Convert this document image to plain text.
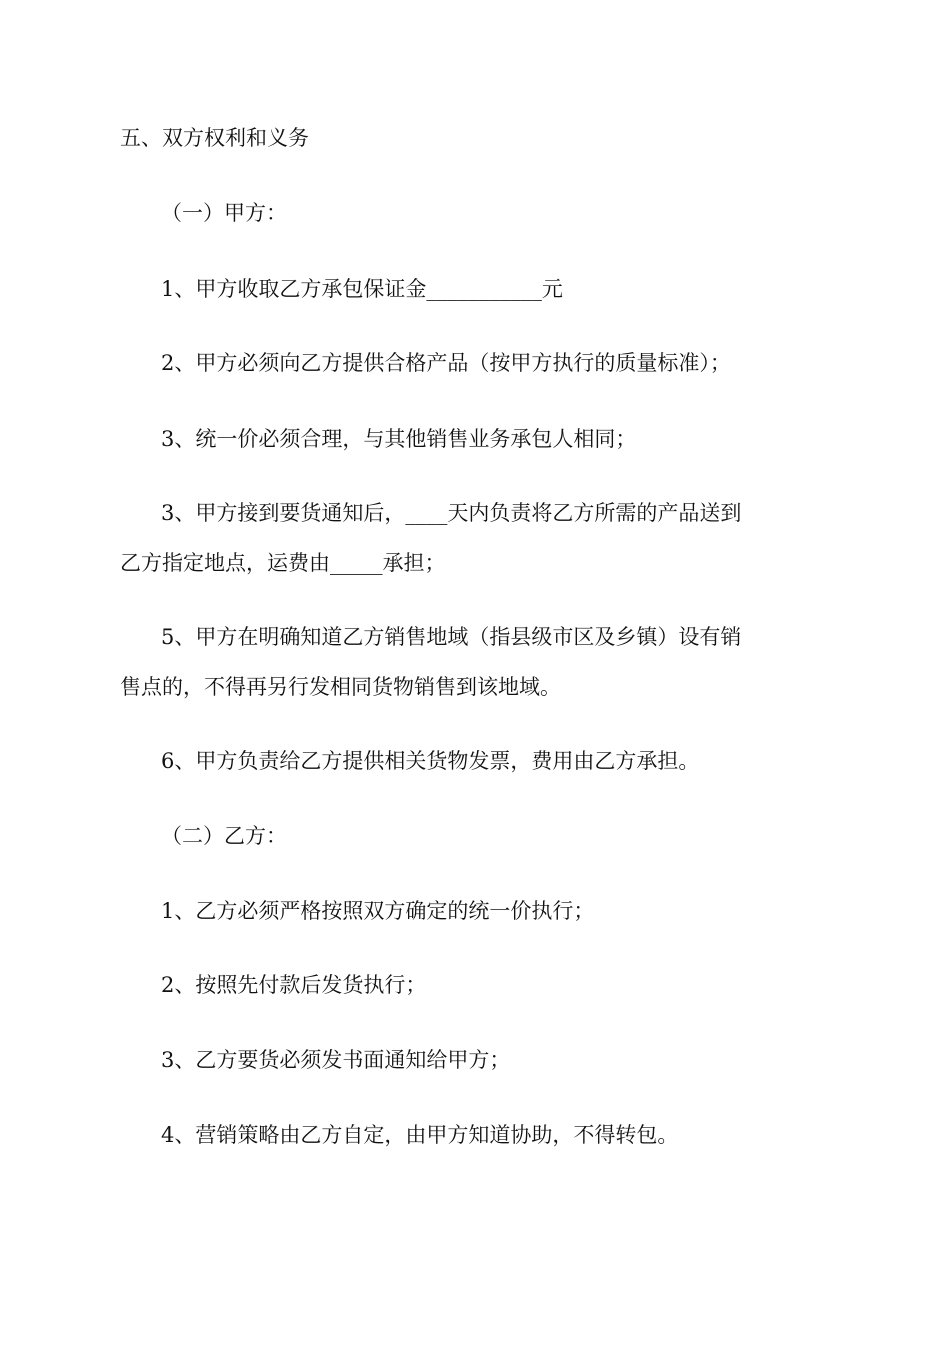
五、双方权利和义务
（一）甲方：
1、甲方收取乙方承包保证金___________元
2、甲方必须向乙方提供合格产品（按甲方执行的质量标准）；
3、统一价必须合理，与其他销售业务承包人相同；
3、甲方接到要货通知后，____天内负责将乙方所需的产品送到
乙方指定地点，运费由_____承担；
5、甲方在明确知道乙方销售地域（指县级市区及乡镇）设有销
售点的，不得再另行发相同货物销售到该地域。
6、甲方负责给乙方提供相关货物发票，费用由乙方承担。
（二）乙方：
1、乙方必须严格按照双方确定的统一价执行；
2、按照先付款后发货执行；
3、乙方要货必须发书面通知给甲方；
4、营销策略由乙方自定，由甲方知道协助，不得转包。
